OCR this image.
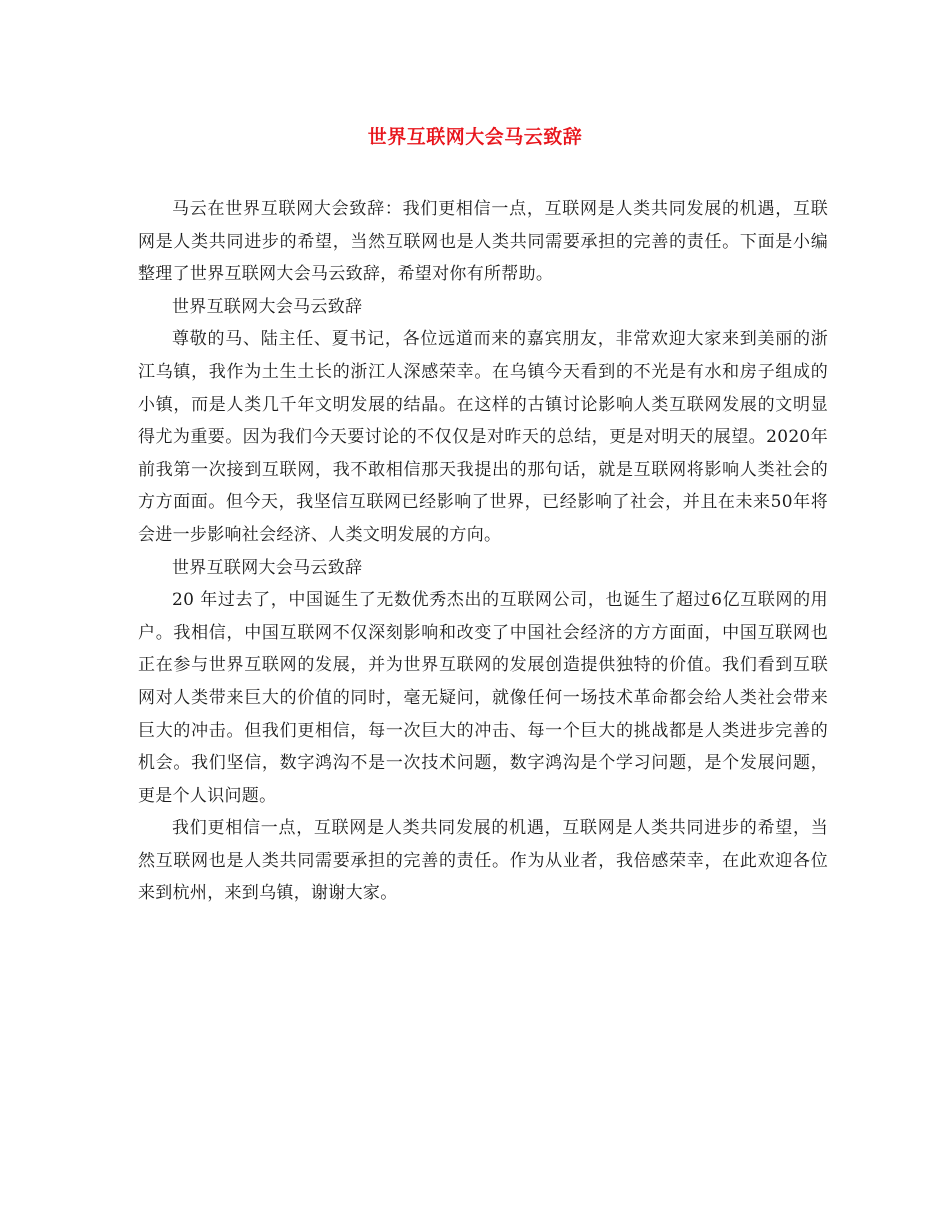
世界互联网大会马云致辞

马云在世界互联网大会致辞：我们更相信一点，互联网是人类共同发展的机遇，互联网是人类共同进步的希望，当然互联网也是人类共同需要承担的完善的责任。下面是小编整理了世界互联网大会马云致辞，希望对你有所帮助。

世界互联网大会马云致辞

尊敬的马、陆主任、夏书记，各位远道而来的嘉宾朋友，非常欢迎大家来到美丽的浙江乌镇，我作为土生土长的浙江人深感荣幸。在乌镇今天看到的不光是有水和房子组成的小镇，而是人类几千年文明发展的结晶。在这样的古镇讨论影响人类互联网发展的文明显得尤为重要。因为我们今天要讨论的不仅仅是对昨天的总结，更是对明天的展望。2020年前我第一次接到互联网，我不敢相信那天我提出的那句话，就是互联网将影响人类社会的方方面面。但今天，我坚信互联网已经影响了世界，已经影响了社会，并且在未来50年将会进一步影响社会经济、人类文明发展的方向。

世界互联网大会马云致辞

20 年过去了，中国诞生了无数优秀杰出的互联网公司，也诞生了超过6亿互联网的用户。我相信，中国互联网不仅深刻影响和改变了中国社会经济的方方面面，中国互联网也正在参与世界互联网的发展，并为世界互联网的发展创造提供独特的价值。我们看到互联网对人类带来巨大的价值的同时，毫无疑问，就像任何一场技术革命都会给人类社会带来巨大的冲击。但我们更相信，每一次巨大的冲击、每一个巨大的挑战都是人类进步完善的机会。我们坚信，数字鸿沟不是一次技术问题，数字鸿沟是个学习问题，是个发展问题，更是个人识问题。

我们更相信一点，互联网是人类共同发展的机遇，互联网是人类共同进步的希望，当然互联网也是人类共同需要承担的完善的责任。作为从业者，我倍感荣幸，在此欢迎各位来到杭州，来到乌镇，谢谢大家。
